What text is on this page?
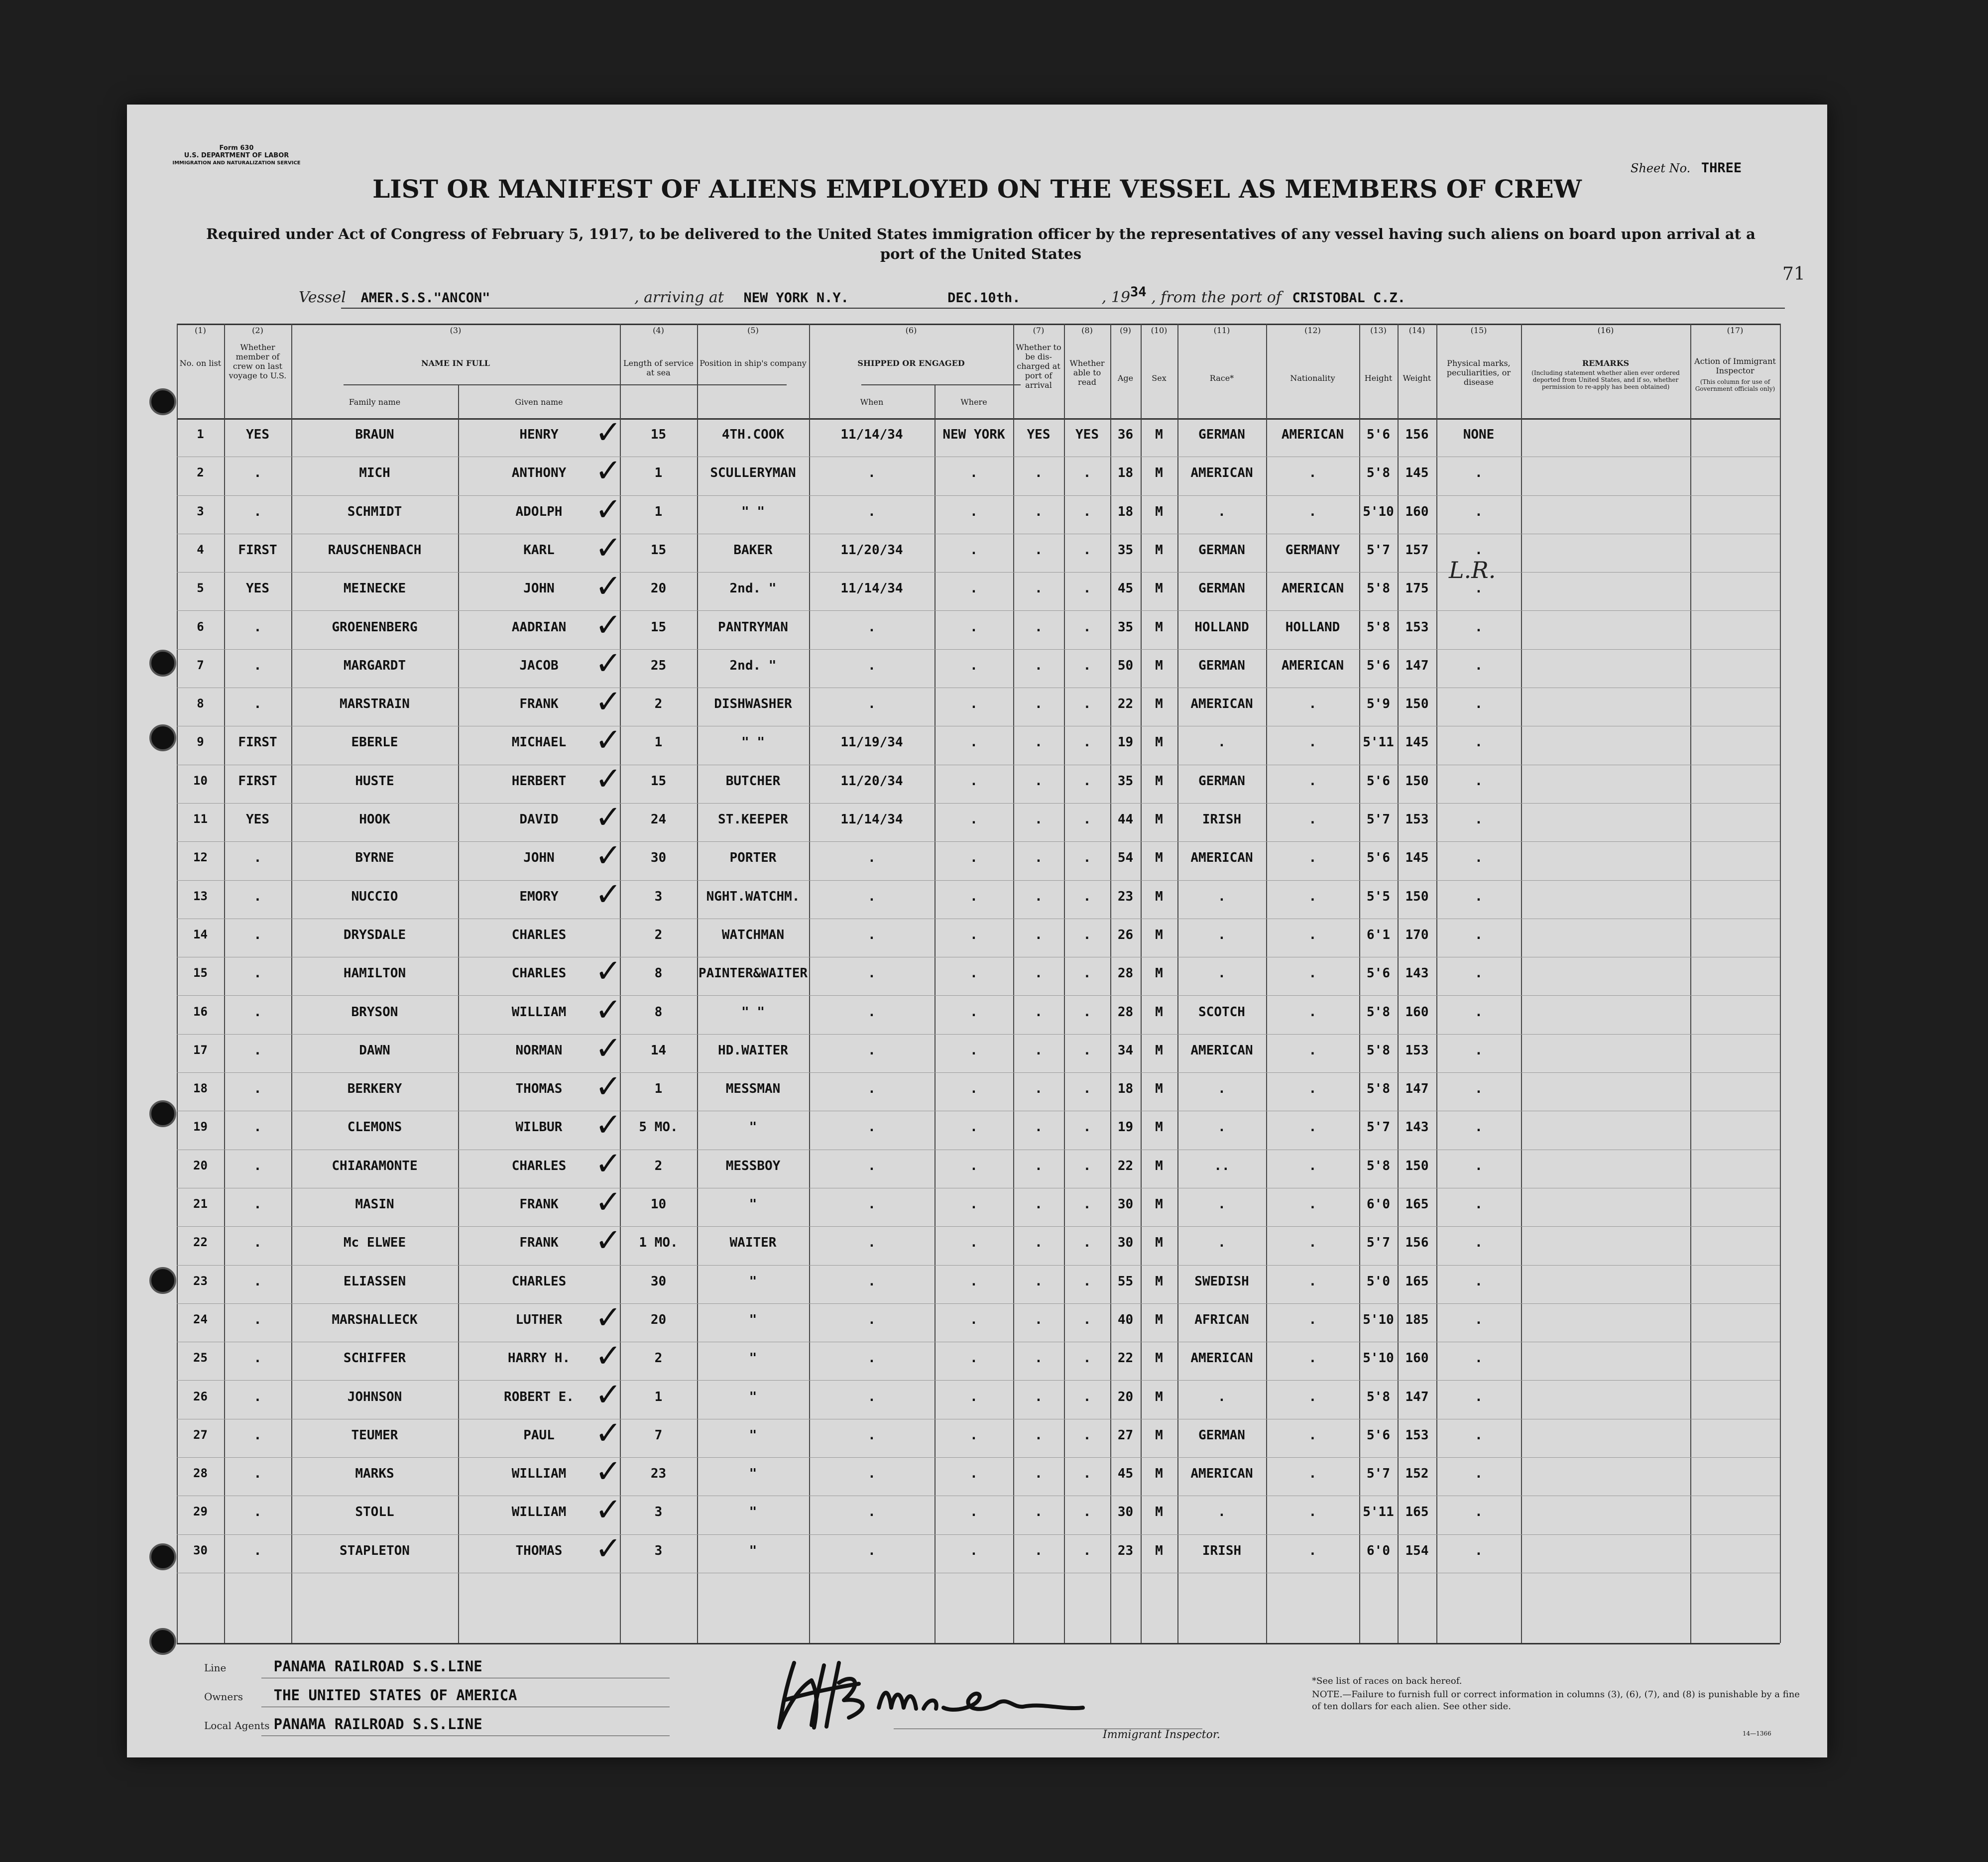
Form 630
U.S. DEPARTMENT OF LABOR
IMMIGRATION AND NATURALIZATION SERVICE	Sheet No. THREE
LIST OR MANIFEST OF ALIENS EMPLOYED ON THE VESSEL AS MEMBERS OF CREW
Required under Act of Congress of February 5, 1917, to be delivered to the United States immigration officer by the representatives of any vessel having such aliens on board upon arrival at a port of the United States
71
Vessel AMER.S.S."ANCON"	, arriving at NEW YORK N.Y.	DEC.10th.	, 1934 , from the port of CRISTOBAL C.Z.
(1)	(2)	(3)	(4)	(5)	(6)	(7)	(8)	(9)	(10)	(11)	(12)	(13)	(14)	(15)	(16)	(17)
No. on list
Whether member of crew on last voyage to U.S.
NAME IN FULL
Family name	Given name
Length of service at sea
Position in ship's company	SHIPPED OR ENGAGED
When	Where
Whether to be dis-charged at port of arrival
Whether able to read	Age	Sex	Race*	Nationality	Height	Weight
Physical marks, peculiarities, or disease
REMARKS
(Including statement whether alien ever ordered deported from United States, and if so, whether permission to re-apply has been obtained)
Action of Immigrant Inspector
(This column for use of Government officials only)
1	YES	BRAUN	HENRY	15	4TH.COOK	11/14/34	NEW YORK	YES	YES	36	M	GERMAN	AMERICAN	5'6	156	NONE
✓
2	.	MICH	ANTHONY	1	SCULLERYMAN	.	.	.	.	18	M	AMERICAN	.	5'8	145	.
✓
3	.	SCHMIDT	ADOLPH	1	" "	.	.	.	.	18	M	.	.	5'10 160	.
✓
4	FIRST	RAUSCHENBACH	KARL	15	BAKER	11/20/34	.	.	.	35	M	GERMAN	GERMANY	5'7	157	.
✓
5	YES	MEINECKE	JOHN	20	2nd. "	11/14/34	.	.	.	45	M	GERMAN	AMERICAN	5'8	175	.
✓
6	.	GROENENBERG	AADRIAN	15	PANTRYMAN	.	.	.	.	35	M	HOLLAND	HOLLAND	5'8	153	.
✓
7	.	MARGARDT	JACOB	25	2nd. "	.	.	.	.	50	M	GERMAN	AMERICAN	5'6	147	.
✓
8	.	MARSTRAIN	FRANK	2	DISHWASHER	.	.	.	.	22	M	AMERICAN	.	5'9	150	.
✓
9	FIRST	EBERLE	MICHAEL	1	" "	11/19/34	.	.	.	19	M	.	.	5'11 145	.
✓
10	FIRST	HUSTE	HERBERT	15	BUTCHER	11/20/34	.	.	.	35	M	GERMAN	.	5'6	150	.
✓
11	YES	HOOK	DAVID	24	ST.KEEPER	11/14/34	.	.	.	44	M	IRISH	.	5'7	153	.
✓
12	.	BYRNE	JOHN	30	PORTER	.	.	.	.	54	M	AMERICAN	.	5'6	145	.
✓
13	.	NUCCIO	EMORY	3	NGHT.WATCHM.	.	.	.	.	23	M	.	.	5'5	150	.
✓
14	.	DRYSDALE	CHARLES	2	WATCHMAN	.	.	.	.	26	M	.	.	6'1	170	.
15	.	HAMILTON	CHARLES	8	PAINTER&WAITER	.	.	.	.	28	M	.	.	5'6	143	.
✓
16	.	BRYSON	WILLIAM	8	" "	.	.	.	.	28	M	SCOTCH	.	5'8	160	.
✓
17	.	DAWN	NORMAN	14	HD.WAITER	.	.	.	.	34	M	AMERICAN	.	5'8	153	.
✓
18	.	BERKERY	THOMAS	1	MESSMAN	.	.	.	.	18	M	.	.	5'8	147	.
✓
19	.	CLEMONS	WILBUR	5 MO.	"	.	.	.	.	19	M	.	.	5'7	143	.
✓
20	.	CHIARAMONTE	CHARLES	2	MESSBOY	.	.	.	.	22	M	..	.	5'8	150	.
✓
21	.	MASIN	FRANK	10	"	.	.	.	.	30	M	.	.	6'0	165	.
✓
22	.	Mc ELWEE	FRANK	1 MO.	WAITER	.	.	.	.	30	M	.	.	5'7	156	.
✓
23	.	ELIASSEN	CHARLES	30	"	.	.	.	.	55	M	SWEDISH	.	5'0	165	.
24	.	MARSHALLECK	LUTHER	20	"	.	.	.	.	40	M	AFRICAN	.	5'10 185	.
✓
25	.	SCHIFFER	HARRY H.	2	"	.	.	.	.	22	M	AMERICAN	.	5'10 160	.
✓
26	.	JOHNSON	ROBERT E.	1	"	.	.	.	.	20	M	.	.	5'8	147	.
✓
27	.	TEUMER	PAUL	7	"	.	.	.	.	27	M	GERMAN	.	5'6	153	.
✓
28	.	MARKS	WILLIAM	23	"	.	.	.	.	45	M	AMERICAN	.	5'7	152	.
✓
29	.	STOLL	WILLIAM	3	"	.	.	.	.	30	M	.	.	5'11 165	.
✓
30	.	STAPLETON	THOMAS	3	"	.	.	.	.	23	M	IRISH	.	6'0	154	.
✓
L.R.
Line	PANAMA RAILROAD S.S.LINE
Owners THE UNITED STATES OF AMERICA
Local Agents PANAMA RAILROAD S.S.LINE
Immigrant Inspector.
*See list of races on back hereof.
NOTE.—Failure to furnish full or correct information in columns (3), (6), (7), and (8) is punishable by a fine of ten dollars for each alien. See other side.
14—1366
